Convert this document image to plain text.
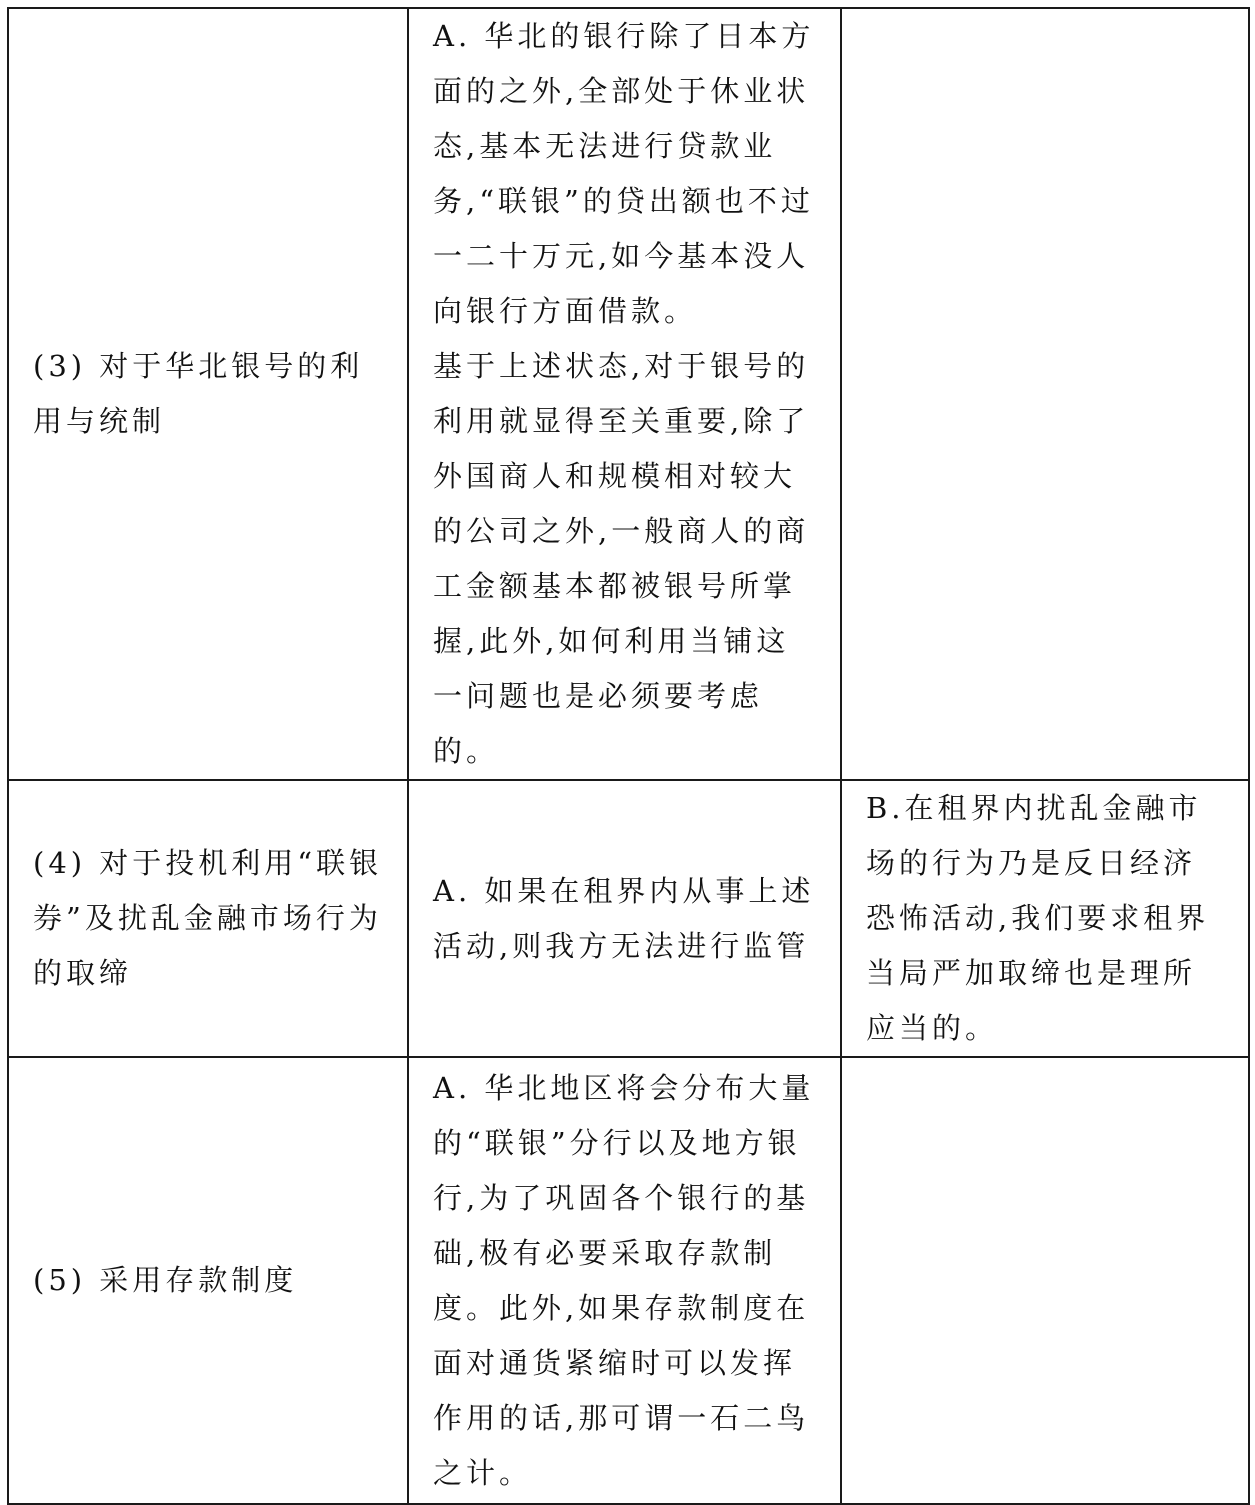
(3) 对于华北银号的利用与统制	A. 华北的银行除了日本方面的之外,全部处于休业状态,基本无法进行贷款业务,“联银”的贷出额也不过一二十万元,如今基本没人向银行方面借款。
基于上述状态,对于银号的利用就显得至关重要,除了外国商人和规模相对较大的公司之外,一般商人的商工金额基本都被银号所掌握,此外,如何利用当铺这一问题也是必须要考虑的。	

(4) 对于投机利用“联银券”及扰乱金融市场行为的取缔	A. 如果在租界内从事上述活动,则我方无法进行监管	B.在租界内扰乱金融市场的行为乃是反日经济恐怖活动,我们要求租界当局严加取缔也是理所应当的。
(5) 采用存款制度	A. 华北地区将会分布大量的“联银”分行以及地方银行,为了巩固各个银行的基础,极有必要采取存款制度。此外,如果存款制度在面对通货紧缩时可以发挥作用的话,那可谓一石二鸟之计。	
